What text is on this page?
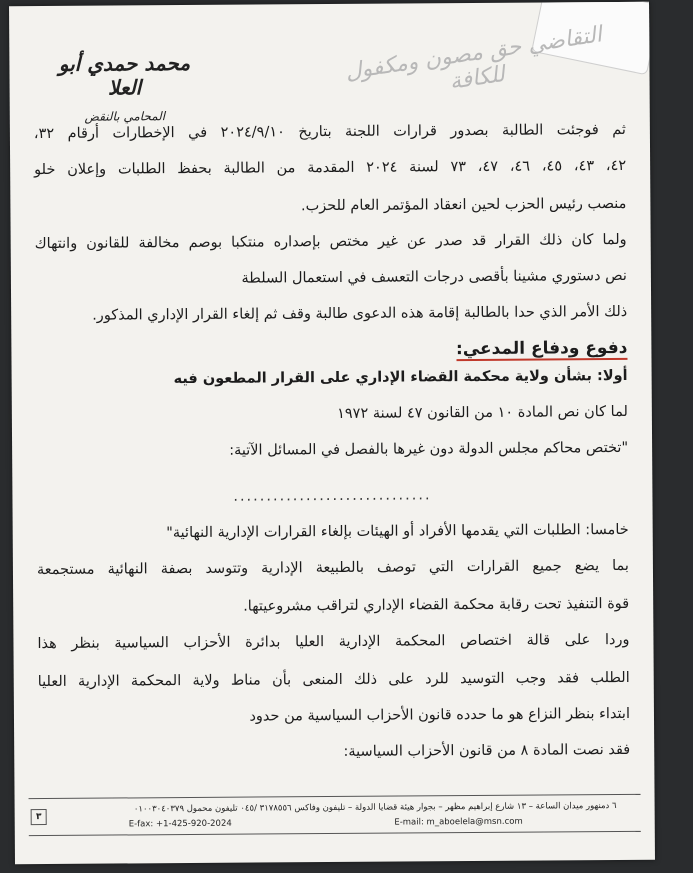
التقاضي حق مصون ومكفول للكافة
محمد حمدي أبو العلا
المحامي بالنقض
ثم فوجئت الطالبة بصدور قرارات اللجنة بتاريخ ٢٠٢٤/٩/١٠ في الإخطارات أرقام ٣٢،
٤٢، ٤٣، ٤٥، ٤٦، ٤٧، ٧٣ لسنة ٢٠٢٤ المقدمة من الطالبة بحفظ الطلبات وإعلان خلو
منصب رئيس الحزب لحين انعقاد المؤتمر العام للحزب.
ولما كان ذلك القرار قد صدر عن غير مختص بإصداره منتكبا بوصم مخالفة للقانون وانتهاك
نص دستوري مشينا بأقصى درجات التعسف في استعمال السلطة
ذلك الأمر الذي حدا بالطالبة إقامة هذه الدعوى طالبة وقف ثم إلغاء القرار الإداري المذكور.
دفوع ودفاع المدعي:
أولا: بشأن ولاية محكمة القضاء الإداري على القرار المطعون فيه
لما كان نص المادة ١٠ من القانون ٤٧ لسنة ١٩٧٢
"تختص محاكم مجلس الدولة دون غيرها بالفصل في المسائل الآتية:
..............................
خامسا: الطلبات التي يقدمها الأفراد أو الهيئات بإلغاء القرارات الإدارية النهائية"
بما يضع جميع القرارات التي توصف بالطبيعة الإدارية وتتوسد بصفة النهائية مستجمعة
قوة التنفيذ تحت رقابة محكمة القضاء الإداري لتراقب مشروعيتها.
وردا على قالة اختصاص المحكمة الإدارية العليا بدائرة الأحزاب السياسية بنظر هذا
الطلب فقد وجب التوسيد للرد على ذلك المنعى بأن مناط ولاية المحكمة الإدارية العليا
ابتداء بنظر النزاع هو ما حدده قانون الأحزاب السياسية من حدود
فقد نصت المادة ٨ من قانون الأحزاب السياسية:
٣
٦ دمنهور ميدان الساعة – ١٣ شارع إبراهيم مظهر – بجوار هيئة قضايا الدولة – تليفون وفاكس ٣١٧٨٥٥٦ /٠٤٥ تليفون محمول ٠١٠٠٣٠٤٠٣٧٩
E-fax: +1-425-920-2024	E-mail: m_aboelela@msn.com
